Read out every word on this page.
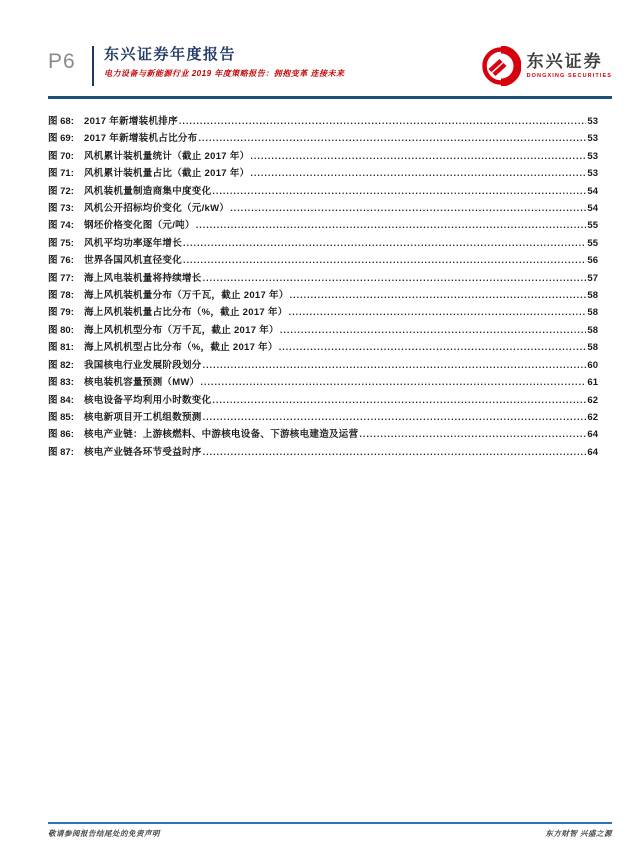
P6	东兴证券年度报告
电力设备与新能源行业 2019 年度策略报告：拥抱变革 连接未来
东兴证券
DONGXING SECURITIES
图 68:	2017 年新增装机排序 .....	53
图 69:	2017 年新增装机占比分布 .....	53
图 70:	风机累计装机量统计（截止 2017 年） .....	53
图 71:	风机累计装机量占比（截止 2017 年） .....	53
图 72:	风机装机量制造商集中度变化 .....	54
图 73:	风机公开招标均价变化（元/kW） .....	54
图 74:	钢坯价格变化图（元/吨） .....	55
图 75:	风机平均功率逐年增长 .....	55
图 76:	世界各国风机直径变化 .....	56
图 77:	海上风电装机量将持续增长 .....	57
图 78:	海上风机装机量分布（万千瓦，截止 2017 年） .....	58
图 79:	海上风机装机量占比分布（%，截止 2017 年） .....	58
图 80:	海上风机机型分布（万千瓦，截止 2017 年） .....	58
图 81:	海上风机机型占比分布（%，截止 2017 年） .....	58
图 82:	我国核电行业发展阶段划分 .....	60
图 83:	核电装机容量预测（MW） .....	61
图 84:	核电设备平均利用小时数变化 .....	62
图 85:	核电新项目开工机组数预测 .....	62
图 86:	核电产业链：上游核燃料、中游核电设备、下游核电建造及运营 .....	64
图 87:	核电产业链各环节受益时序 .....	64
敬请参阅报告结尾处的免责声明	东方财智 兴盛之源
